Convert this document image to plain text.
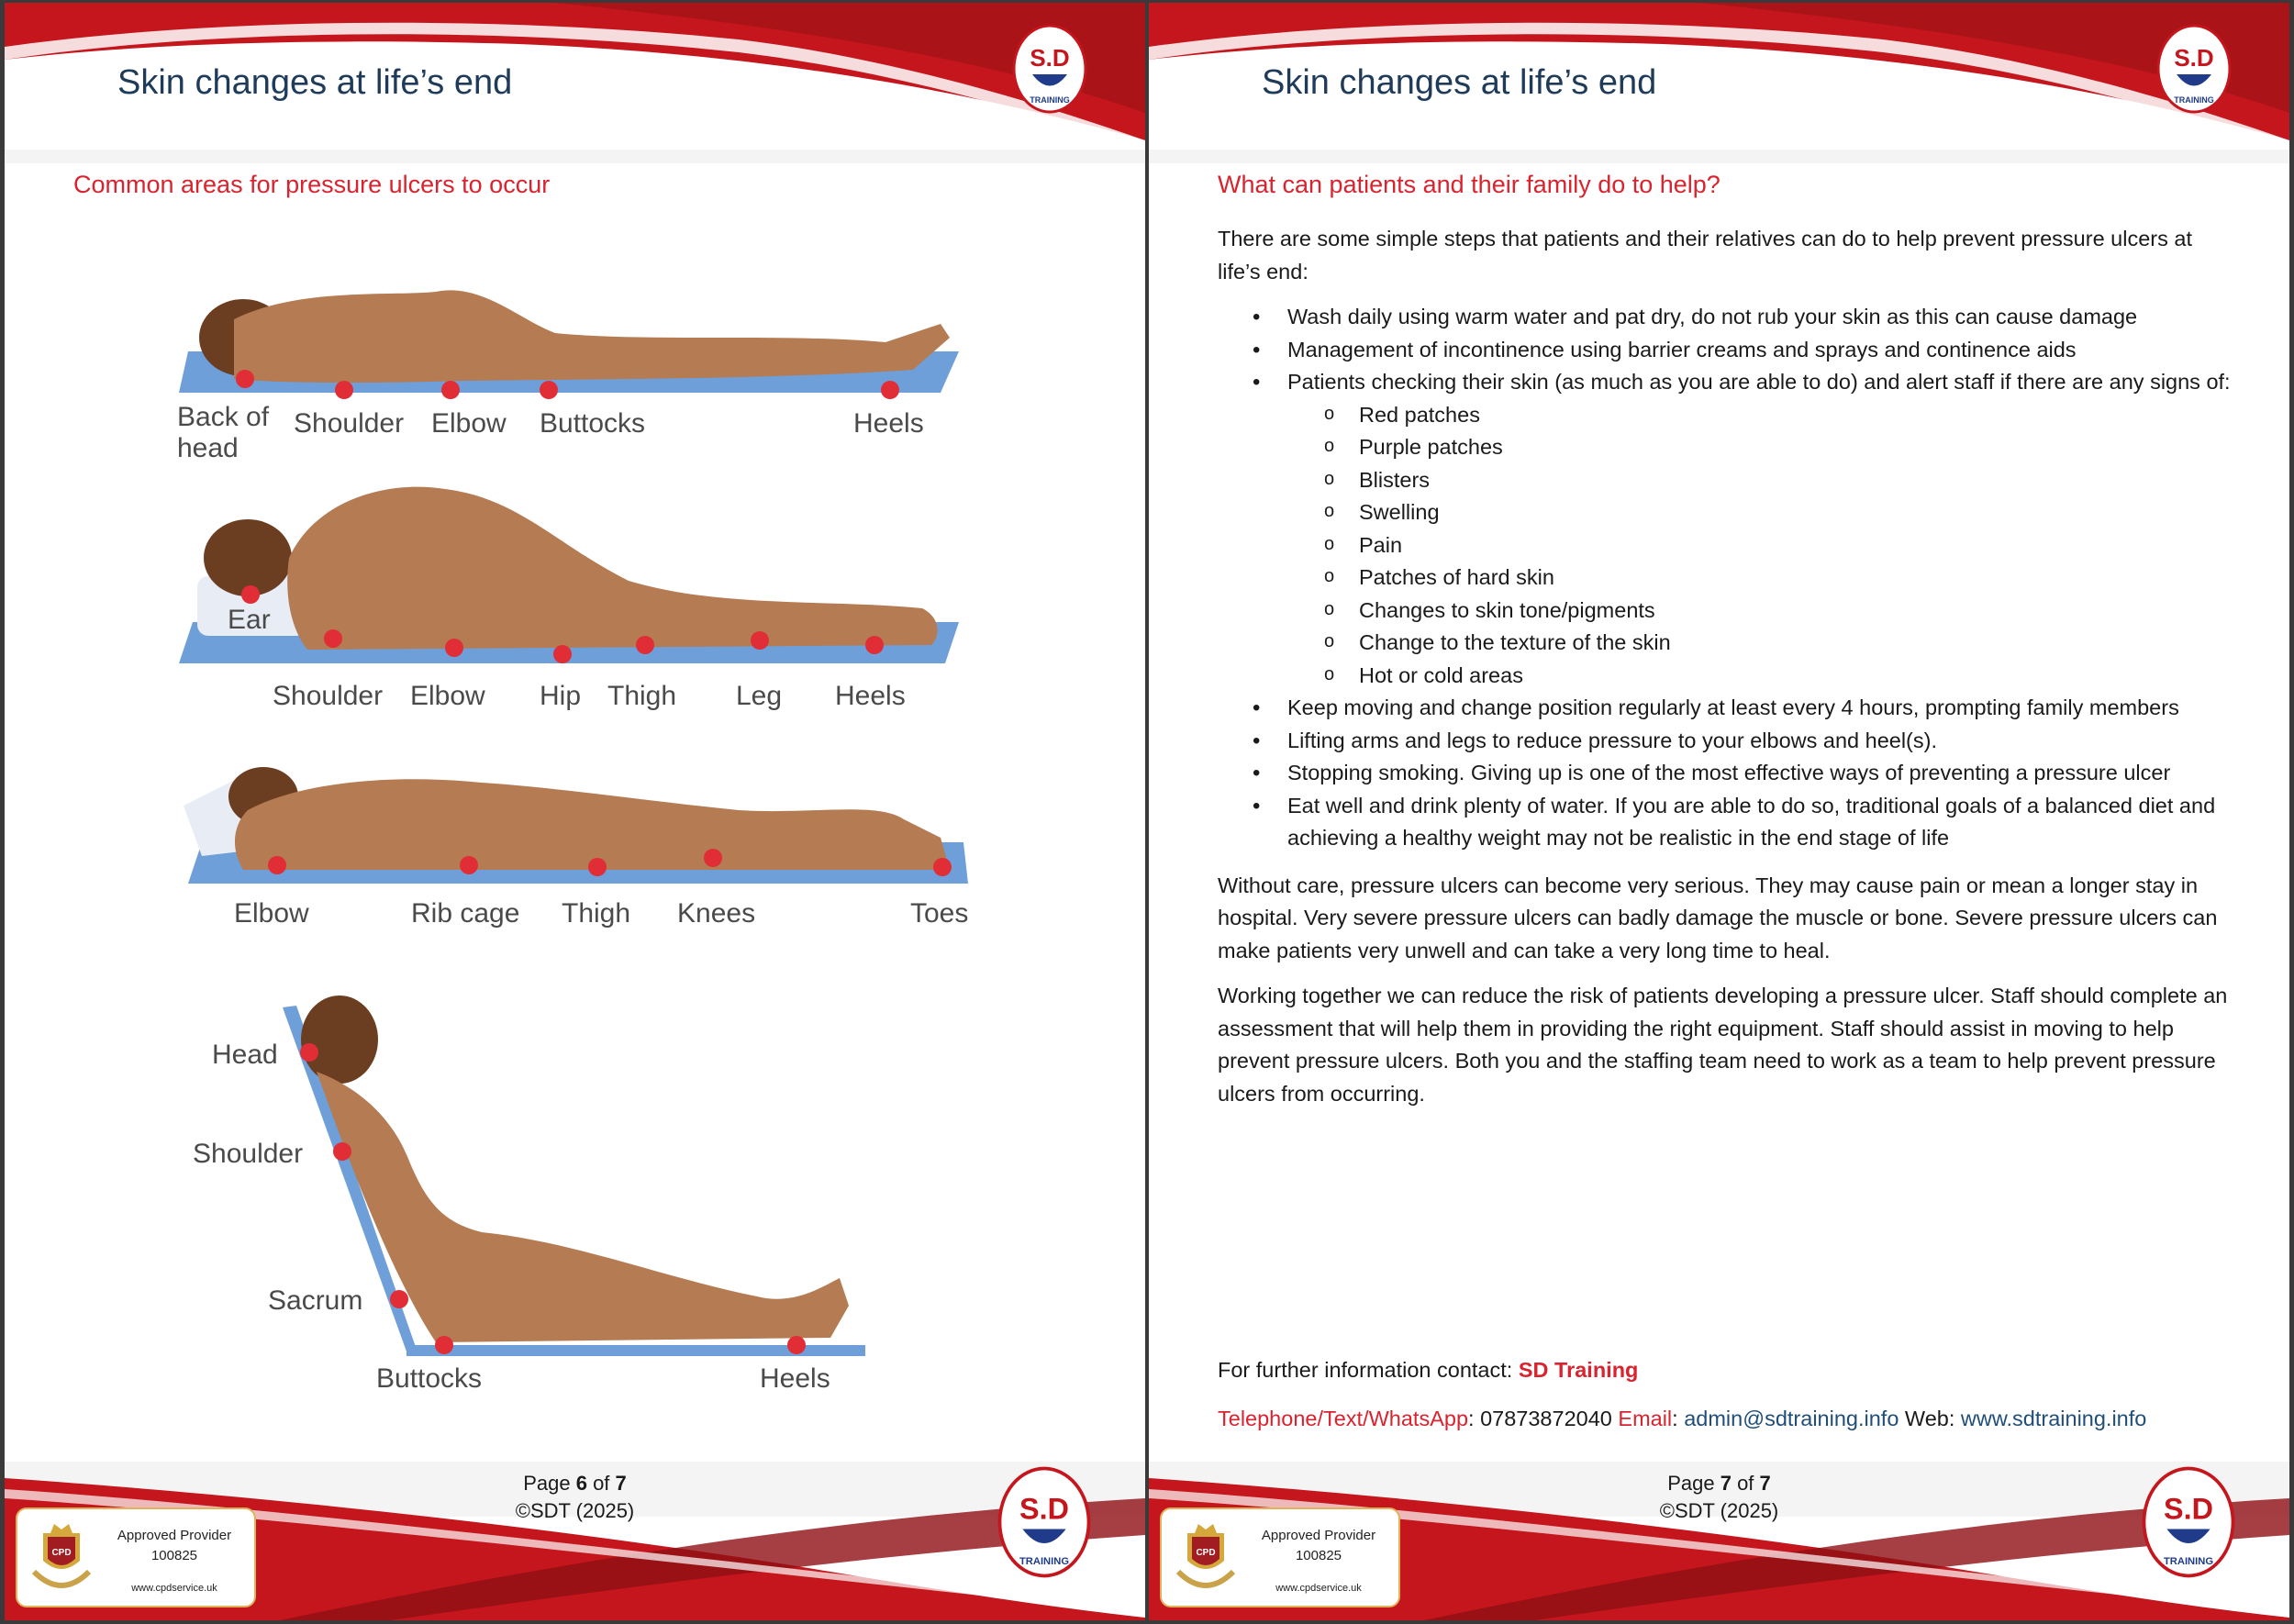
Skin changes at life’s end
S.D
TRAINING
Common areas for pressure ulcers to occur
Back of
head
Shoulder Elbow Buttocks	Heels
Ear
Shoulder Elbow Hip Thigh Leg Heels
Elbow	Rib cage Thigh Knees	Toes
Head
Shoulder
Sacrum
Buttocks	Heels
Page 6 of 7
©SDT (2025)
CPD
Approved Provider
100825
www.cpdservice.uk
S.D
TRAINING
Skin changes at life’s end
S.D
TRAINING
What can patients and their family do to help?

There are some simple steps that patients and their relatives can do to help prevent pressure ulcers at life’s end:

• Wash daily using warm water and pat dry, do not rub your skin as this can cause damage
• Management of incontinence using barrier creams and sprays and continence aids
• Patients checking their skin (as much as you are able to do) and alert staff if there are any signs of:
o Red patches
o Purple patches
o Blisters
o Swelling
o Pain
o Patches of hard skin
o Changes to skin tone/pigments
o Change to the texture of the skin
o Hot or cold areas
• Keep moving and change position regularly at least every 4 hours, prompting family members
• Lifting arms and legs to reduce pressure to your elbows and heel(s).
• Stopping smoking. Giving up is one of the most effective ways of preventing a pressure ulcer
• Eat well and drink plenty of water. If you are able to do so, traditional goals of a balanced diet and achieving a healthy weight may not be realistic in the end stage of life

Without care, pressure ulcers can become very serious. They may cause pain or mean a longer stay in hospital. Very severe pressure ulcers can badly damage the muscle or bone. Severe pressure ulcers can make patients very unwell and can take a very long time to heal.

Working together we can reduce the risk of patients developing a pressure ulcer. Staff should complete an assessment that will help them in providing the right equipment. Staff should assist in moving to help prevent pressure ulcers. Both you and the staffing team need to work as a team to help prevent pressure ulcers from occurring.

For further information contact: SD Training
Telephone/Text/WhatsApp: 07873872040 Email: admin@sdtraining.info Web: www.sdtraining.info
Page 7 of 7
©SDT (2025)
CPD
Approved Provider
100825
www.cpdservice.uk
S.D
TRAINING
